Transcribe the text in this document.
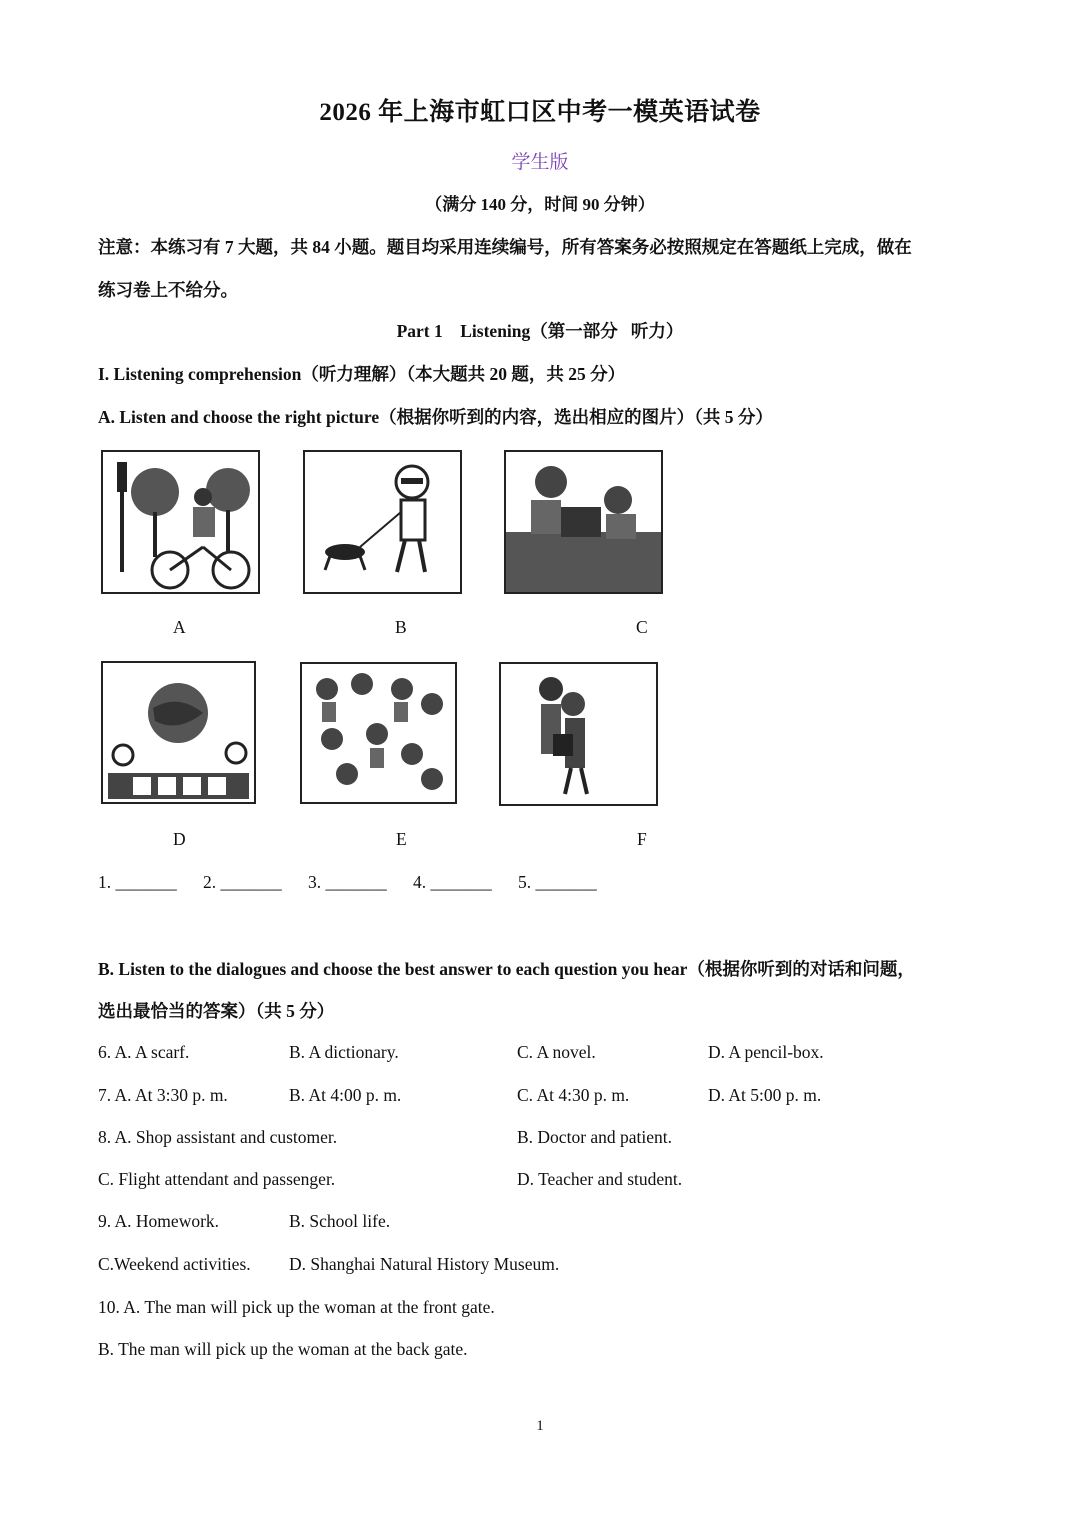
2026 年上海市虹口区中考一模英语试卷
学生版
（满分 140 分，时间 90 分钟）
注意：本练习有 7 大题，共 84 小题。题目均采用连续编号，所有答案务必按照规定在答题纸上完成，做在
练习卷上不给分。
Part 1    Listening（第一部分   听力）
I. Listening comprehension（听力理解）（本大题共 20 题，共 25 分）
A. Listen and choose the right picture（根据你听到的内容，选出相应的图片）（共 5 分）
A	B	C
D	E	F
1. _______ 2. _______ 3. _______ 4. _______ 5. _______
B. Listen to the dialogues and choose the best answer to each question you hear（根据你听到的对话和问题，
选出最恰当的答案）（共 5 分）
6. A. A scarf.	B. A dictionary.	C. A novel.	D. A pencil-box.
7. A. At 3:30 p. m.	B. At 4:00 p. m.	C. At 4:30 p. m.	D. At 5:00 p. m.
8. A. Shop assistant and customer.	B. Doctor and patient.
C. Flight attendant and passenger.	D. Teacher and student.
9. A. Homework.	B. School life.
C.Weekend activities. D. Shanghai Natural History Museum.
10. A. The man will pick up the woman at the front gate.
B. The man will pick up the woman at the back gate.
1
